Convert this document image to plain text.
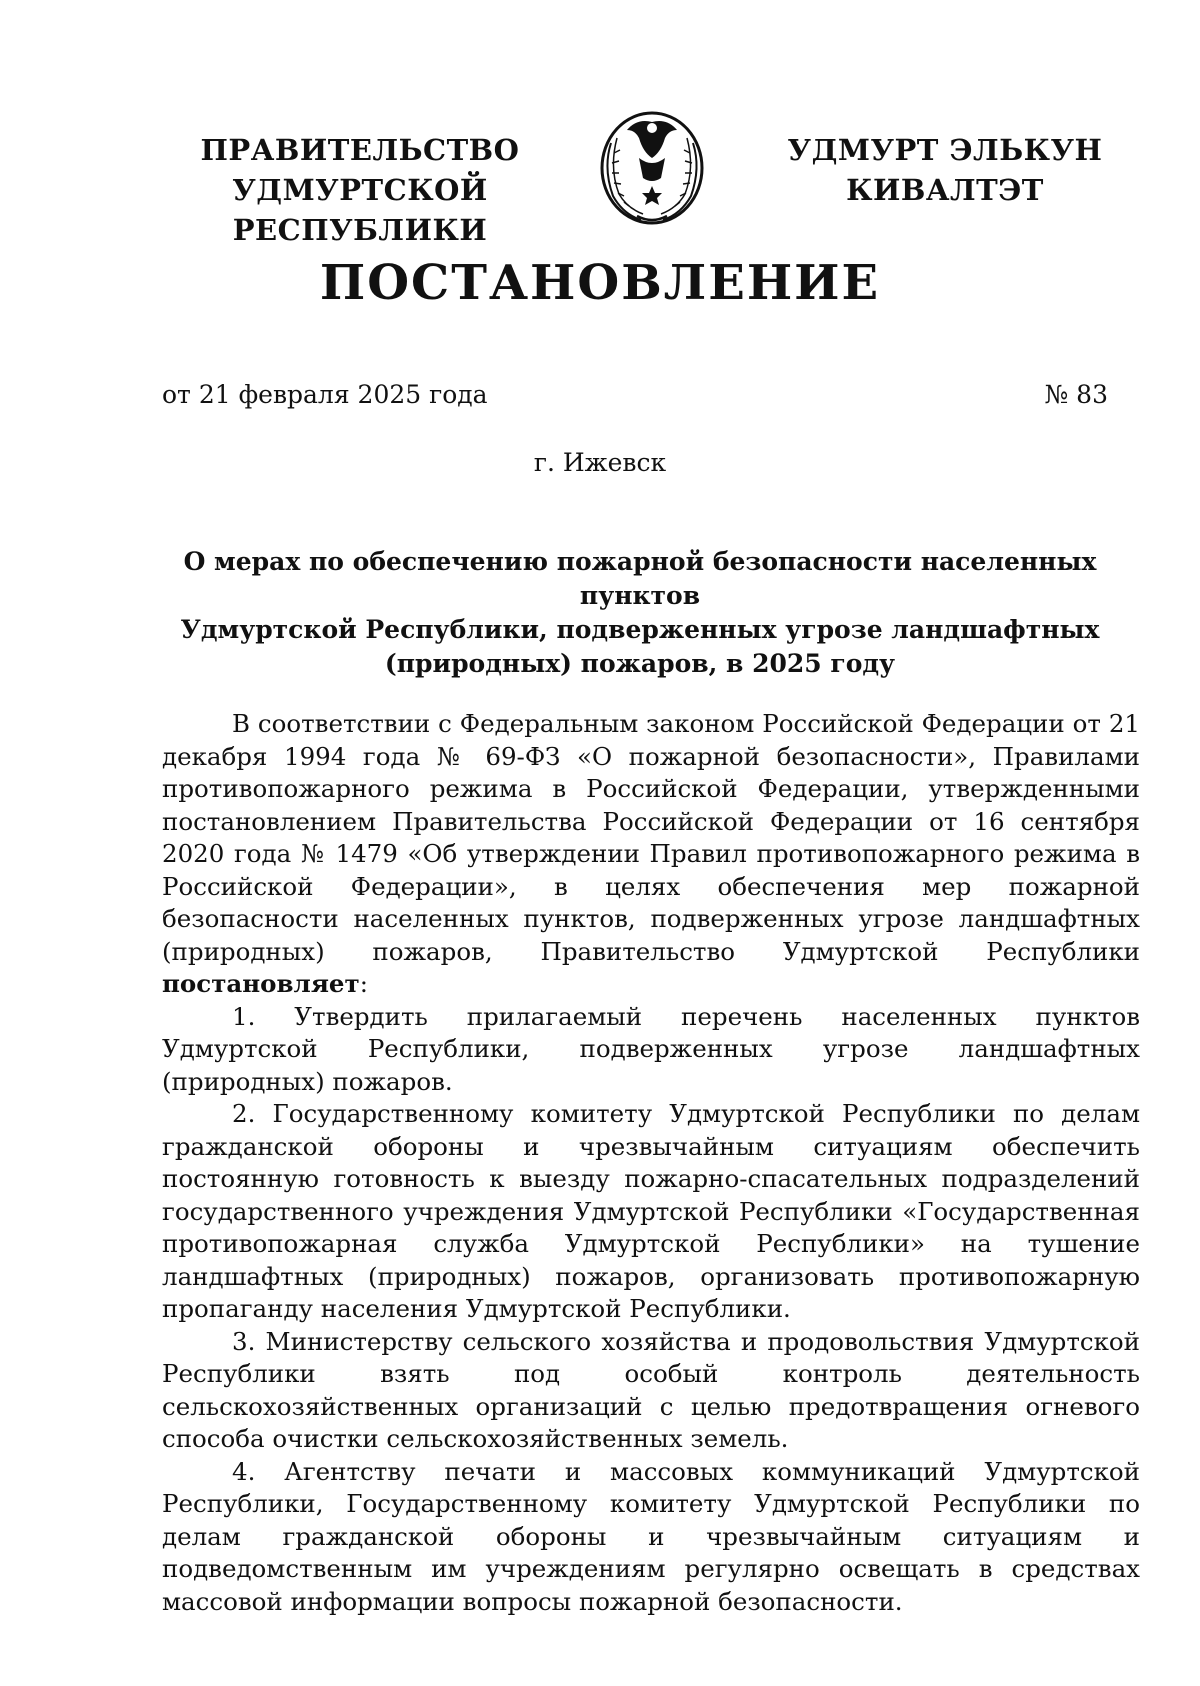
ПРАВИТЕЛЬСТВО
УДМУРТСКОЙ РЕСПУБЛИКИ
УДМУРТ ЭЛЬКУН
КИВАЛТЭТ
ПОСТАНОВЛЕНИЕ
от 21 февраля 2025 года	№ 83
г. Ижевск
О мерах по обеспечению пожарной безопасности населенных пунктов
Удмуртской Республики, подверженных угрозе ландшафтных
(природных) пожаров, в 2025 году

В соответствии с Федеральным законом Российской Федерации от 21 декабря 1994 года № 69-ФЗ «О пожарной безопасности», Правилами противопожарного режима в Российской Федерации, утвержденными постановлением Правительства Российской Федерации от 16 сентября 2020 года № 1479 «Об утверждении Правил противопожарного режима в Российской Федерации», в целях обеспечения мер пожарной безопасности населенных пунктов, подверженных угрозе ландшафтных (природных) пожаров, Правительство Удмуртской Республики постановляет:

1. Утвердить прилагаемый перечень населенных пунктов Удмуртской Республики, подверженных угрозе ландшафтных (природных) пожаров.

2. Государственному комитету Удмуртской Республики по делам гражданской обороны и чрезвычайным ситуациям обеспечить постоянную готовность к выезду пожарно-спасательных подразделений государственного учреждения Удмуртской Республики «Государственная противопожарная служба Удмуртской Республики» на тушение ландшафтных (природных) пожаров, организовать противопожарную пропаганду населения Удмуртской Республики.

3. Министерству сельского хозяйства и продовольствия Удмуртской Республики взять под особый контроль деятельность сельскохозяйственных организаций с целью предотвращения огневого способа очистки сельскохозяйственных земель.

4. Агентству печати и массовых коммуникаций Удмуртской Республики, Государственному комитету Удмуртской Республики по делам гражданской обороны и чрезвычайным ситуациям и подведомственным им учреждениям регулярно освещать в средствах массовой информации вопросы пожарной безопасности.
